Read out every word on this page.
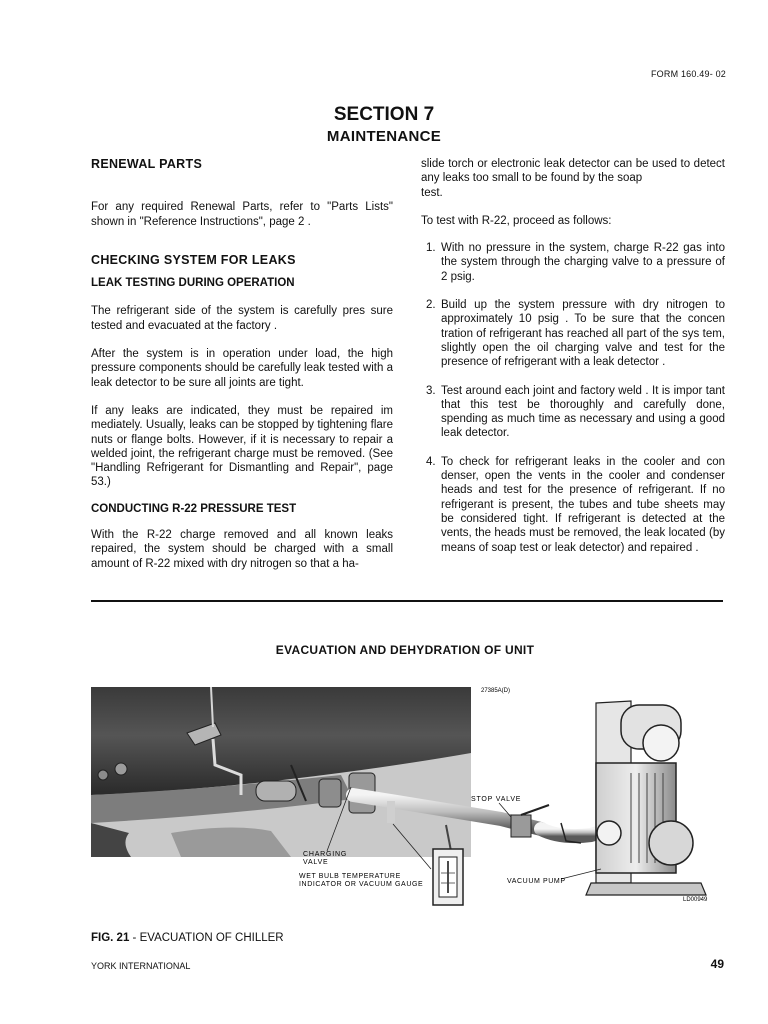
FORM 160.49- 02
SECTION 7
MAINTENANCE

RENEWAL PARTS

For any required Renewal Parts, refer to "Parts Lists" shown in "Reference Instructions", page 2 .

CHECKING SYSTEM FOR LEAKS

LEAK TESTING DURING OPERATION

The refrigerant side of the system is carefully pres sure tested and evacuated at the factory .

After the system is in operation under load, the high pressure components should be carefully leak tested with a leak detector to be sure all joints are tight.

If any leaks are indicated, they must be repaired im mediately. Usually, leaks can be stopped by tightening flare nuts or flange bolts. However, if it is necessary to repair a welded joint, the refrigerant charge must be removed. (See "Handling Refrigerant for Dismantling and Repair", page 53.)

CONDUCTING R-22 PRESSURE TEST

With the R-22 charge removed and all known leaks repaired, the system should be charged with a small amount of R-22 mixed with dry nitrogen so that a ha-

slide torch or electronic leak detector can be used to detect any leaks too small to be found by the soap

test.

To test with R-22, proceed as follows:

1. With no pressure in the system, charge R-22 gas into the system through the charging valve to a pressure of 2 psig.
2. Build up the system pressure with dry nitrogen to approximately 10 psig . To be sure that the concen tration of refrigerant has reached all part of the sys tem, slightly open the oil charging valve and test for the presence of refrigerant with a leak detector .
3. Test around each joint and factory weld . It is impor tant that this test be thoroughly and carefully done, spending as much time as necessary and using a good leak detector.
4. To check for refrigerant leaks in the cooler and con denser, open the vents in the cooler and condenser heads and test for the presence of refrigerant. If no refrigerant is present, the tubes and tube sheets may be considered tight. If refrigerant is detected at the vents, the heads must be removed, the leak located (by means of soap test or leak detector) and repaired .
EVACUATION AND DEHYDRATION OF UNIT
27385A(D)
STOP VALVE
CHARGING
VALVE
WET BULB TEMPERATURE
INDICATOR OR VACUUM GAUGE	VACUUM PUMP
LD00949
FIG. 21 - EVACUATION OF CHILLER
YORK INTERNATIONAL	49
